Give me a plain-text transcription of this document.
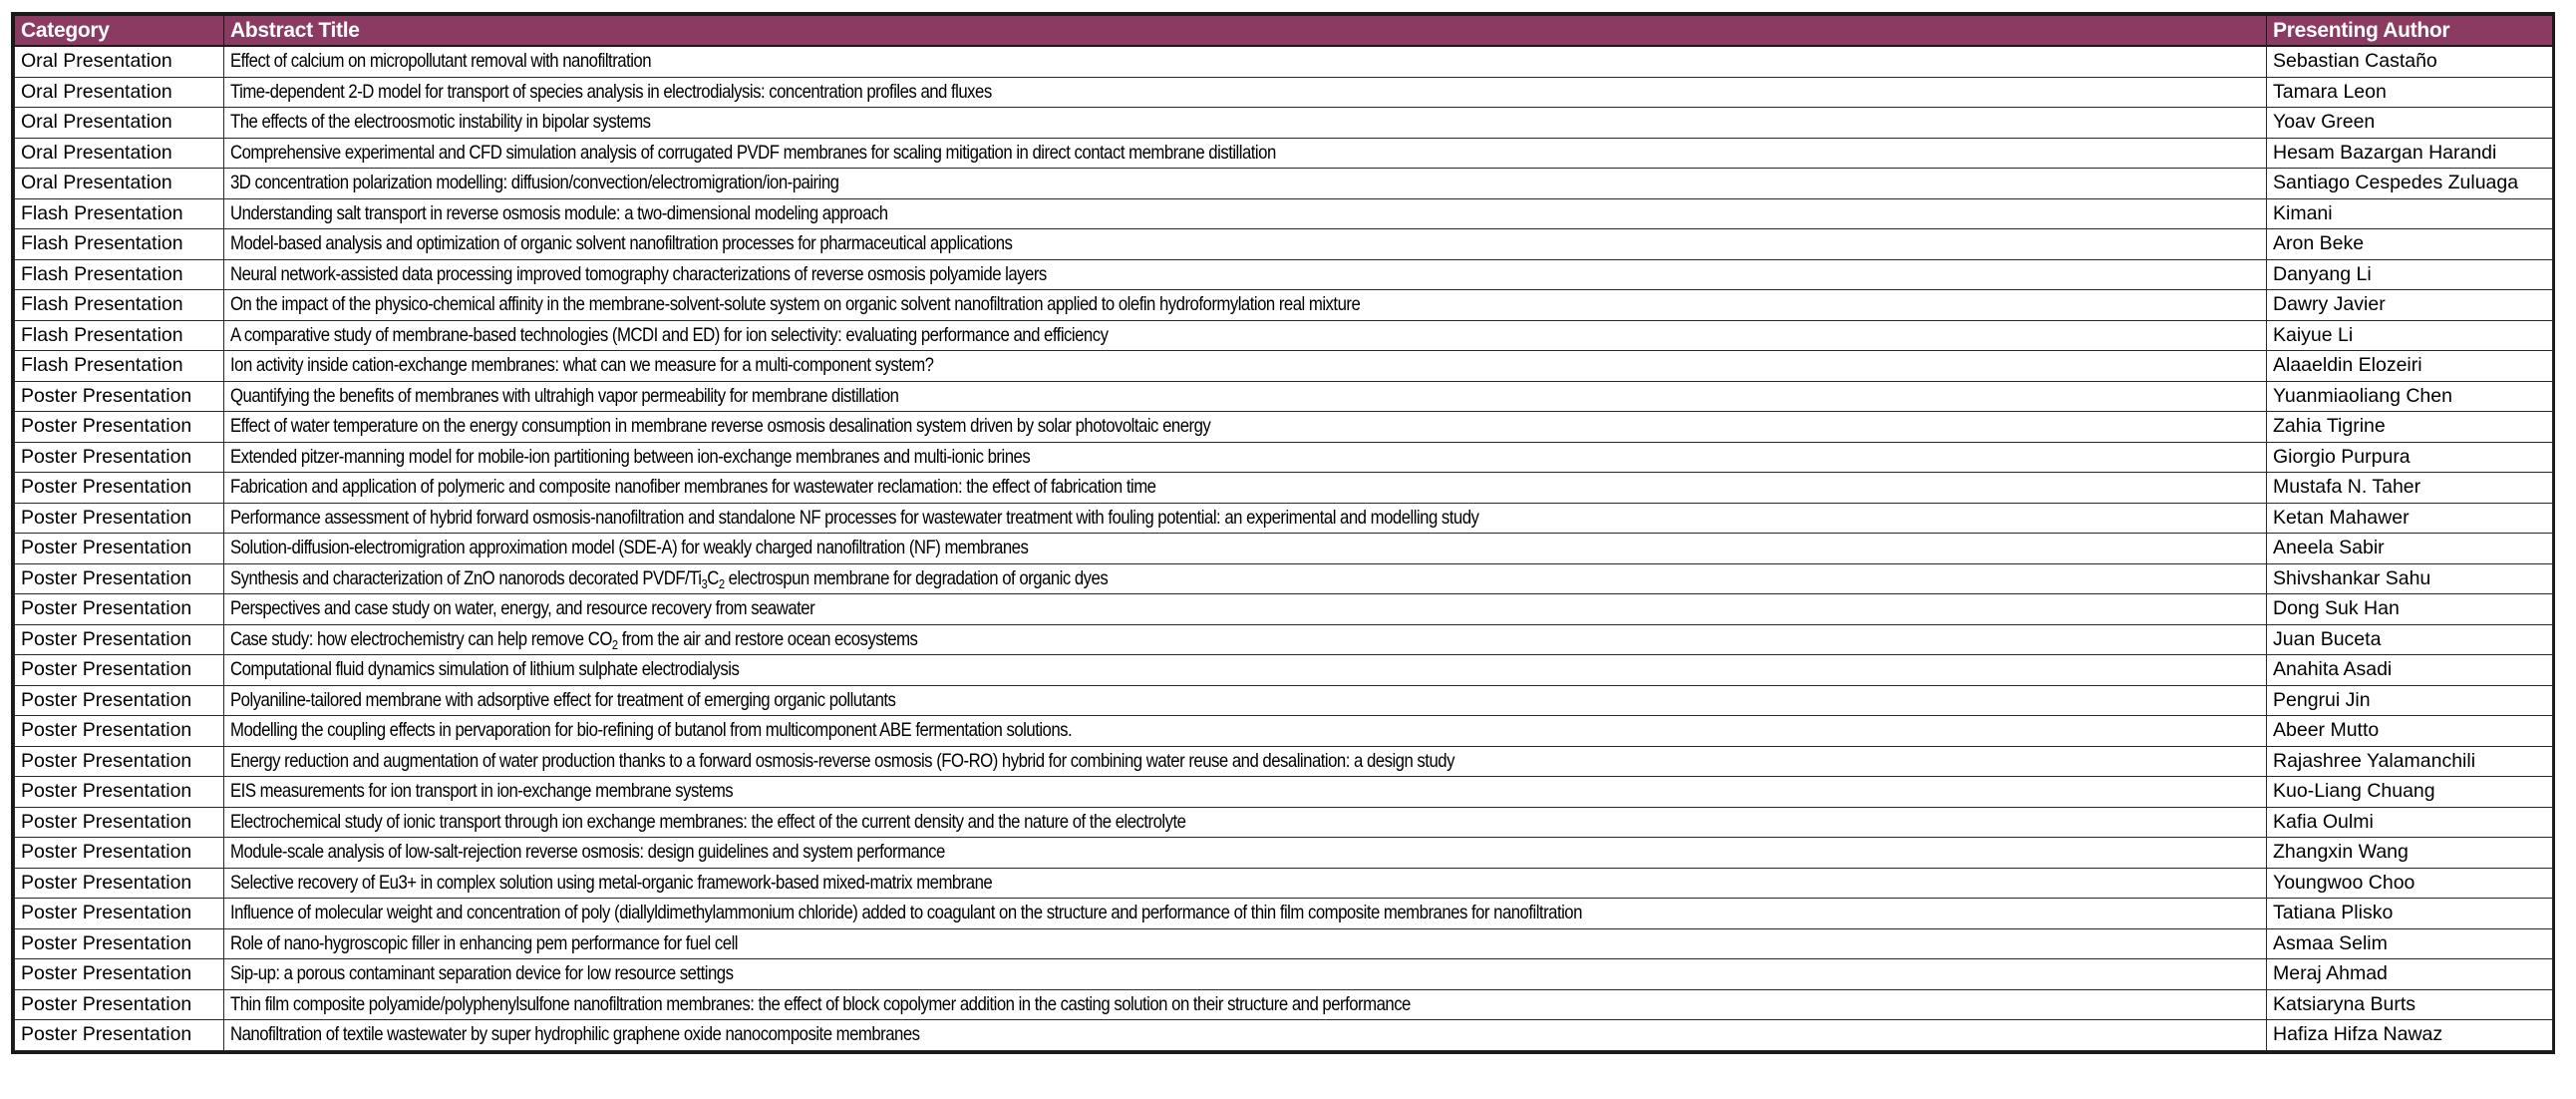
Category	Abstract Title	Presenting Author
Oral Presentation	Effect of calcium on micropollutant removal with nanofiltration	Sebastian Castaño
Oral Presentation	Time-dependent 2-D model for transport of species analysis in electrodialysis: concentration profiles and fluxes	Tamara Leon
Oral Presentation	The effects of the electroosmotic instability in bipolar systems	Yoav Green
Oral Presentation	Comprehensive experimental and CFD simulation analysis of corrugated PVDF membranes for scaling mitigation in direct contact membrane distillation	Hesam Bazargan Harandi
Oral Presentation	3D concentration polarization modelling: diffusion/convection/electromigration/ion-pairing	Santiago Cespedes Zuluaga
Flash Presentation	Understanding salt transport in reverse osmosis module: a two-dimensional modeling approach	Kimani
Flash Presentation	Model-based analysis and optimization of organic solvent nanofiltration processes for pharmaceutical applications	Aron Beke
Flash Presentation	Neural network-assisted data processing improved tomography characterizations of reverse osmosis polyamide layers	Danyang Li
Flash Presentation	On the impact of the physico-chemical affinity in the membrane-solvent-solute system on organic solvent nanofiltration applied to olefin hydroformylation real mixture	Dawry Javier
Flash Presentation	A comparative study of membrane-based technologies (MCDI and ED) for ion selectivity: evaluating performance and efficiency	Kaiyue Li
Flash Presentation	Ion activity inside cation-exchange membranes: what can we measure for a multi-component system?	Alaaeldin Elozeiri
Poster Presentation	Quantifying the benefits of membranes with ultrahigh vapor permeability for membrane distillation	Yuanmiaoliang Chen
Poster Presentation	Effect of water temperature on the energy consumption in membrane reverse osmosis desalination system driven by solar photovoltaic energy	Zahia Tigrine
Poster Presentation	Extended pitzer-manning model for mobile-ion partitioning between ion-exchange membranes and multi-ionic brines	Giorgio Purpura
Poster Presentation	Fabrication and application of polymeric and composite nanofiber membranes for wastewater reclamation: the effect of fabrication time	Mustafa N. Taher
Poster Presentation	Performance assessment of hybrid forward osmosis-nanofiltration and standalone NF processes for wastewater treatment with fouling potential: an experimental and modelling study	Ketan Mahawer
Poster Presentation	Solution-diffusion-electromigration approximation model (SDE-A) for weakly charged nanofiltration (NF) membranes	Aneela Sabir
Poster Presentation	Synthesis and characterization of ZnO nanorods decorated PVDF/$Ti_3C_2$ electrospun membrane for degradation of organic dyes	Shivshankar Sahu
Poster Presentation	Perspectives and case study on water, energy, and resource recovery from seawater	Dong Suk Han
Poster Presentation	Case study: how electrochemistry can help remove $CO_2$ from the air and restore ocean ecosystems	Juan Buceta
Poster Presentation	Computational fluid dynamics simulation of lithium sulphate electrodialysis	Anahita Asadi
Poster Presentation	Polyaniline-tailored membrane with adsorptive effect for treatment of emerging organic pollutants	Pengrui Jin
Poster Presentation	Modelling the coupling effects in pervaporation for bio-refining of butanol from multicomponent ABE fermentation solutions.	Abeer Mutto
Poster Presentation	Energy reduction and augmentation of water production thanks to a forward osmosis-reverse osmosis (FO-RO) hybrid for combining water reuse and desalination: a design study	Rajashree Yalamanchili
Poster Presentation	EIS measurements for ion transport in ion-exchange membrane systems	Kuo-Liang Chuang
Poster Presentation	Electrochemical study of ionic transport through ion exchange membranes: the effect of the current density and the nature of the electrolyte	Kafia Oulmi
Poster Presentation	Module-scale analysis of low-salt-rejection reverse osmosis: design guidelines and system performance	Zhangxin Wang
Poster Presentation	Selective recovery of Eu3+ in complex solution using metal-organic framework-based mixed-matrix membrane	Youngwoo Choo
Poster Presentation	Influence of molecular weight and concentration of poly (diallyldimethylammonium chloride) added to coagulant on the structure and performance of thin film composite membranes for nanofiltration	Tatiana Plisko
Poster Presentation	Role of nano-hygroscopic filler in enhancing pem performance for fuel cell	Asmaa Selim
Poster Presentation	Sip-up: a porous contaminant separation device for low resource settings	Meraj Ahmad
Poster Presentation	Thin film composite polyamide/polyphenylsulfone nanofiltration membranes: the effect of block copolymer addition in the casting solution on their structure and performance	Katsiaryna Burts
Poster Presentation	Nanofiltration of textile wastewater by super hydrophilic graphene oxide nanocomposite membranes	Hafiza Hifza Nawaz
